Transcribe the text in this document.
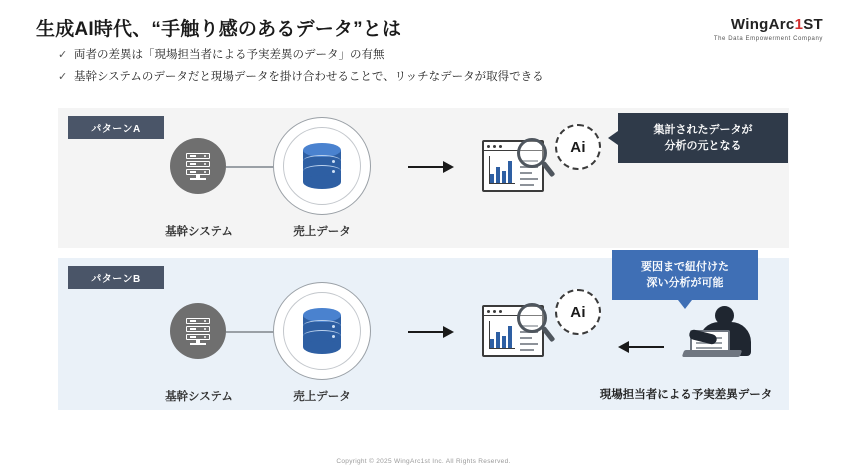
生成AI時代、“手触り感のあるデータ”とは	WingArc1ST
The Data Empowerment Company
✓ 両者の差異は「現場担当者による予実差異のデータ」の有無
✓ 基幹システムのデータだと現場データを掛け合わせることで、リッチなデータが取得できる
パターンA
基幹システム	売上データ
Ai
集計されたデータが
分析の元となる
パターンB
基幹システム	売上データ
Ai
現場担当者による予実差異データ
要因まで紐付けた
深い分析が可能
Copyright © 2025 WingArc1st Inc. All Rights Reserved.
